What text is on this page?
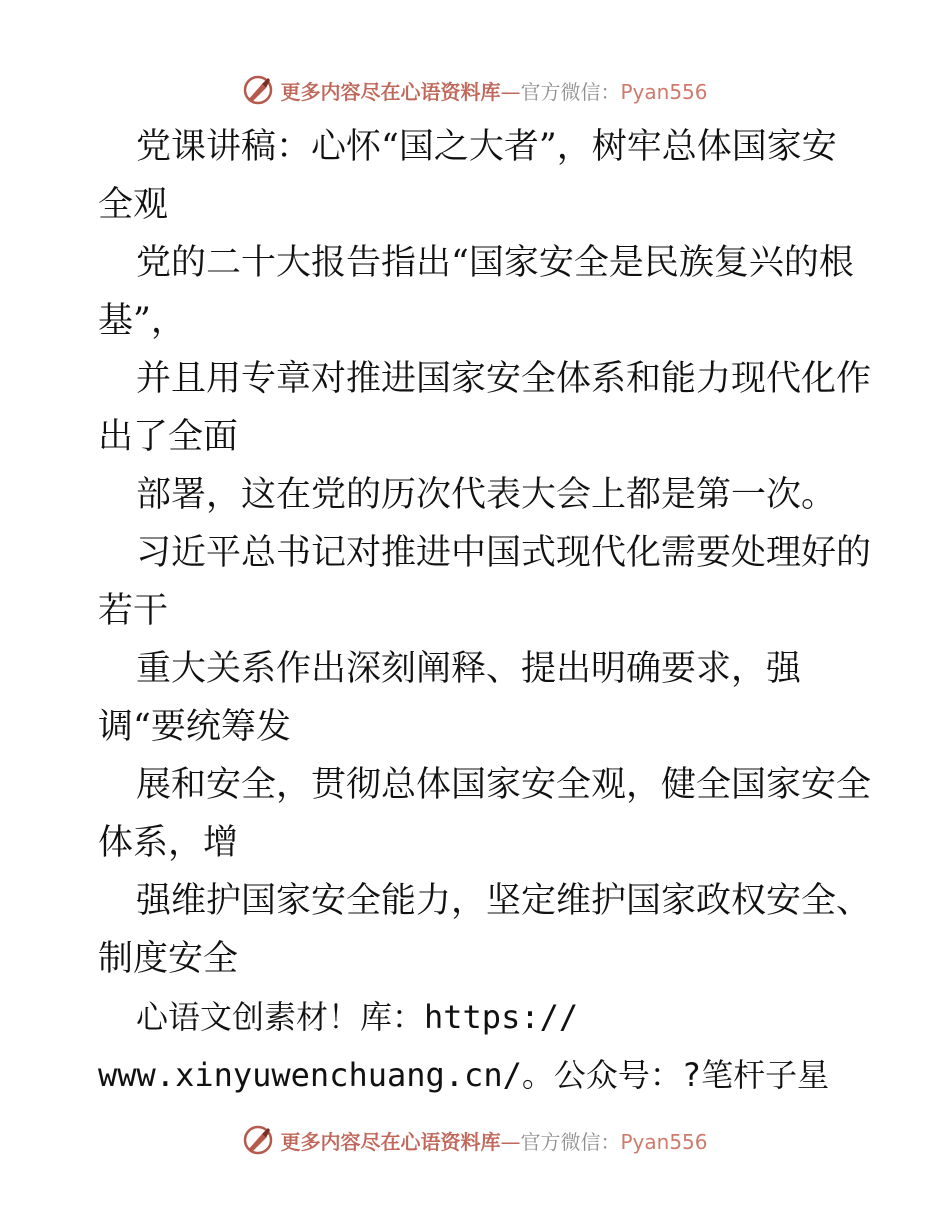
更多内容尽在心语资料库—官方微信：Pyan556
党课讲稿：心怀“国之大者”，树牢总体国家安
全观
党的二十大报告指出“国家安全是民族复兴的根
基”，
并且用专章对推进国家安全体系和能力现代化作
出了全面
部署，这在党的历次代表大会上都是第一次。
习近平总书记对推进中国式现代化需要处理好的
若干
重大关系作出深刻阐释、提出明确要求，强
调“要统筹发
展和安全，贯彻总体国家安全观，健全国家安全
体系，增
强维护国家安全能力，坚定维护国家政权安全、
制度安全
心语文创素材！库：https://
www.xinyuwenchuang.cn/。公众号：?笔杆子星
更多内容尽在心语资料库—官方微信：Pyan556
